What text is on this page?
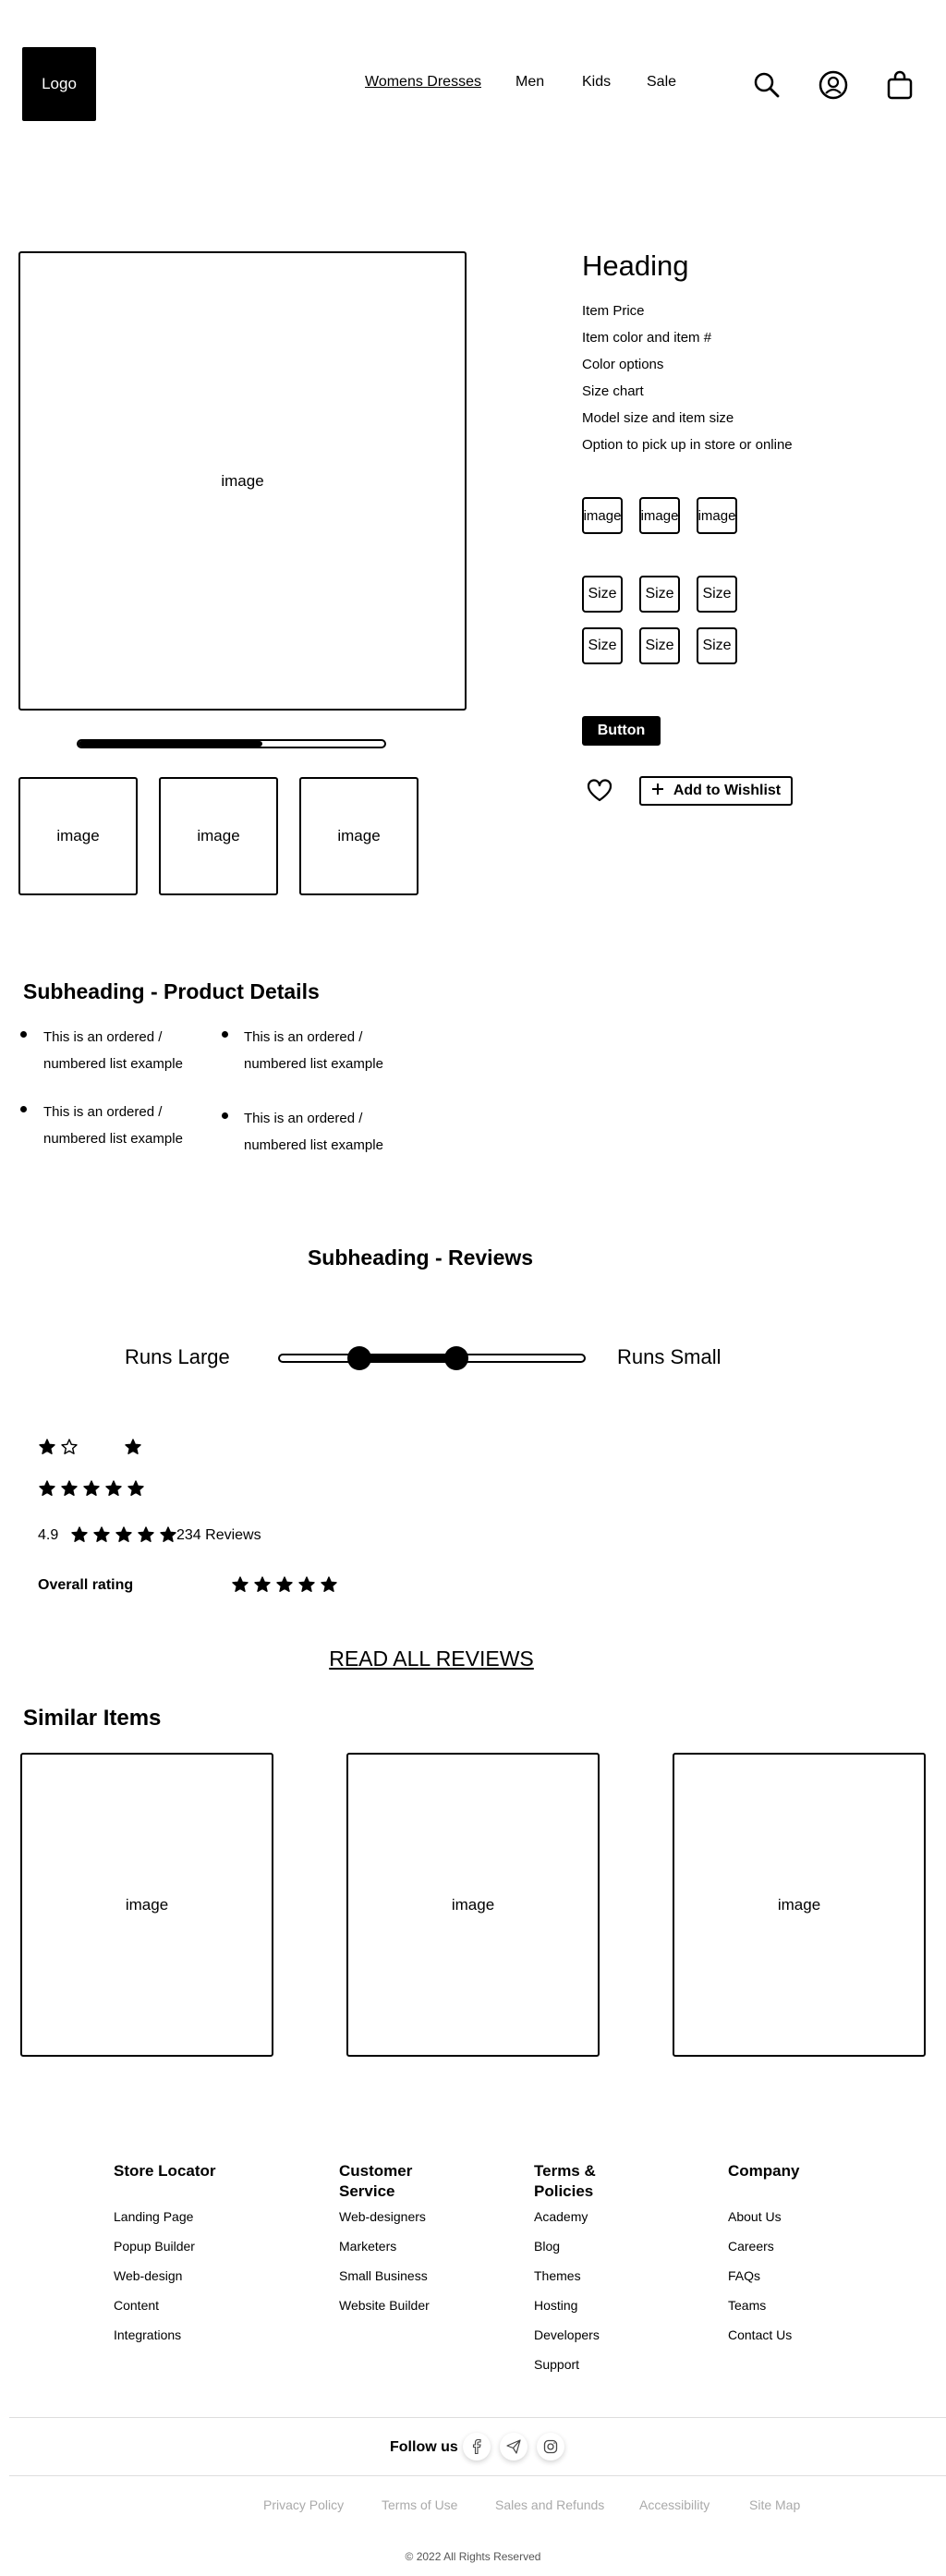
Logo	Womens Dresses Men	Kids Sale
image
image	image	image
Heading
Item Price
Item color and item #
Color options
Size chart
Model size and item size
Option to pick up in store or online
image image image
Size	Size	Size
Size	Size	Size
Button
Add to Wishlist
Subheading - Product Details
This is an ordered / numbered list example
This is an ordered / numbered list example
This is an ordered / numbered list example
This is an ordered / numbered list example
Subheading - Reviews
Runs Large	Runs Small
4.9	234 Reviews
Overall rating
READ ALL REVIEWS
Similar Items
image	image	image
Store Locator
Landing Page
Popup Builder
Web-design
Content
Integrations
Customer Service
Web-designers
Marketers
Small Business
Website Builder
Terms & Policies
Academy
Blog
Themes
Hosting
Developers
Support
Company
About Us
Careers
FAQs
Teams
Contact Us
Follow us
Privacy Policy	Terms of Use	Sales and Refunds	Accessibility	Site Map
© 2022 All Rights Reserved
